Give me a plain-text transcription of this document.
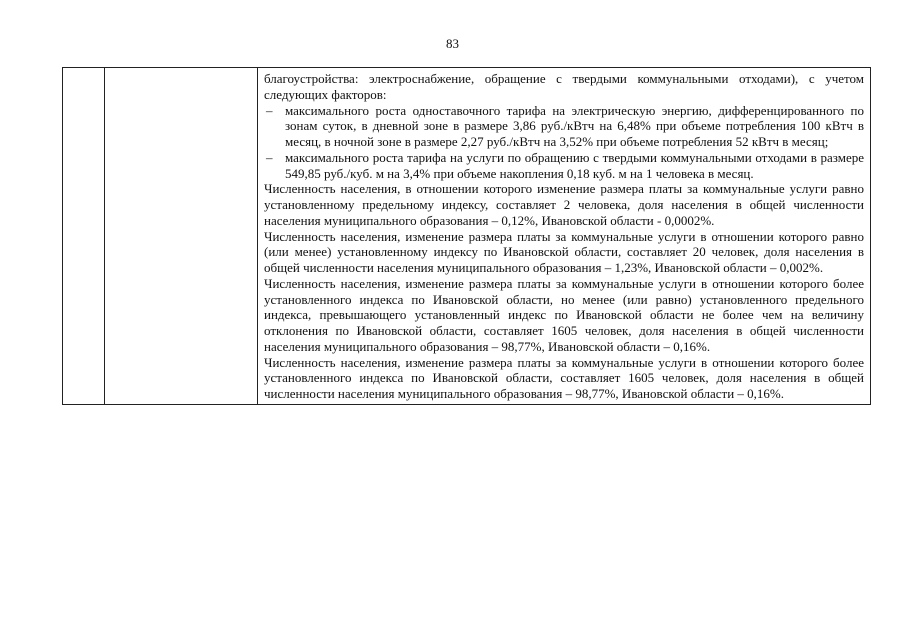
83

благоустройства: электроснабжение, обращение с твердыми коммунальными отходами), с учетом следующих факторов:

– максимального роста одноставочного тарифа на электрическую энергию, дифференцированного по зонам суток, в дневной зоне в размере 3,86 руб./кВтч на 6,48% при объеме потребления 100 кВтч в месяц, в ночной зоне в размере 2,27 руб./кВтч на 3,52% при объеме потребления 52 кВтч в месяц;
– максимального роста тарифа на услуги по обращению с твердыми коммунальными отходами в размере 549,85 руб./куб. м на 3,4% при объеме накопления 0,18 куб. м на 1 человека в месяц.

Численность населения, в отношении которого изменение размера платы за коммунальные услуги равно установленному предельному индексу, составляет 2 человека, доля населения в общей численности населения муниципального образования – 0,12%, Ивановской области - 0,0002%.

Численность населения, изменение размера платы за коммунальные услуги в отношении которого равно (или менее) установленному индексу по Ивановской области, составляет 20 человек, доля населения в общей численности населения муниципального образования – 1,23%, Ивановской области – 0,002%.

Численность населения, изменение размера платы за коммунальные услуги в отношении которого более установленного индекса по Ивановской области, но менее (или равно) установленного предельного индекса, превышающего установленный индекс по Ивановской области не более чем на величину отклонения по Ивановской области, составляет 1605 человек, доля населения в общей численности населения муниципального образования – 98,77%, Ивановской области – 0,16%.

Численность населения, изменение размера платы за коммунальные услуги в отношении которого более установленного индекса по Ивановской области, составляет 1605 человек, доля населения в общей численности населения муниципального образования – 98,77%, Ивановской области – 0,16%.
